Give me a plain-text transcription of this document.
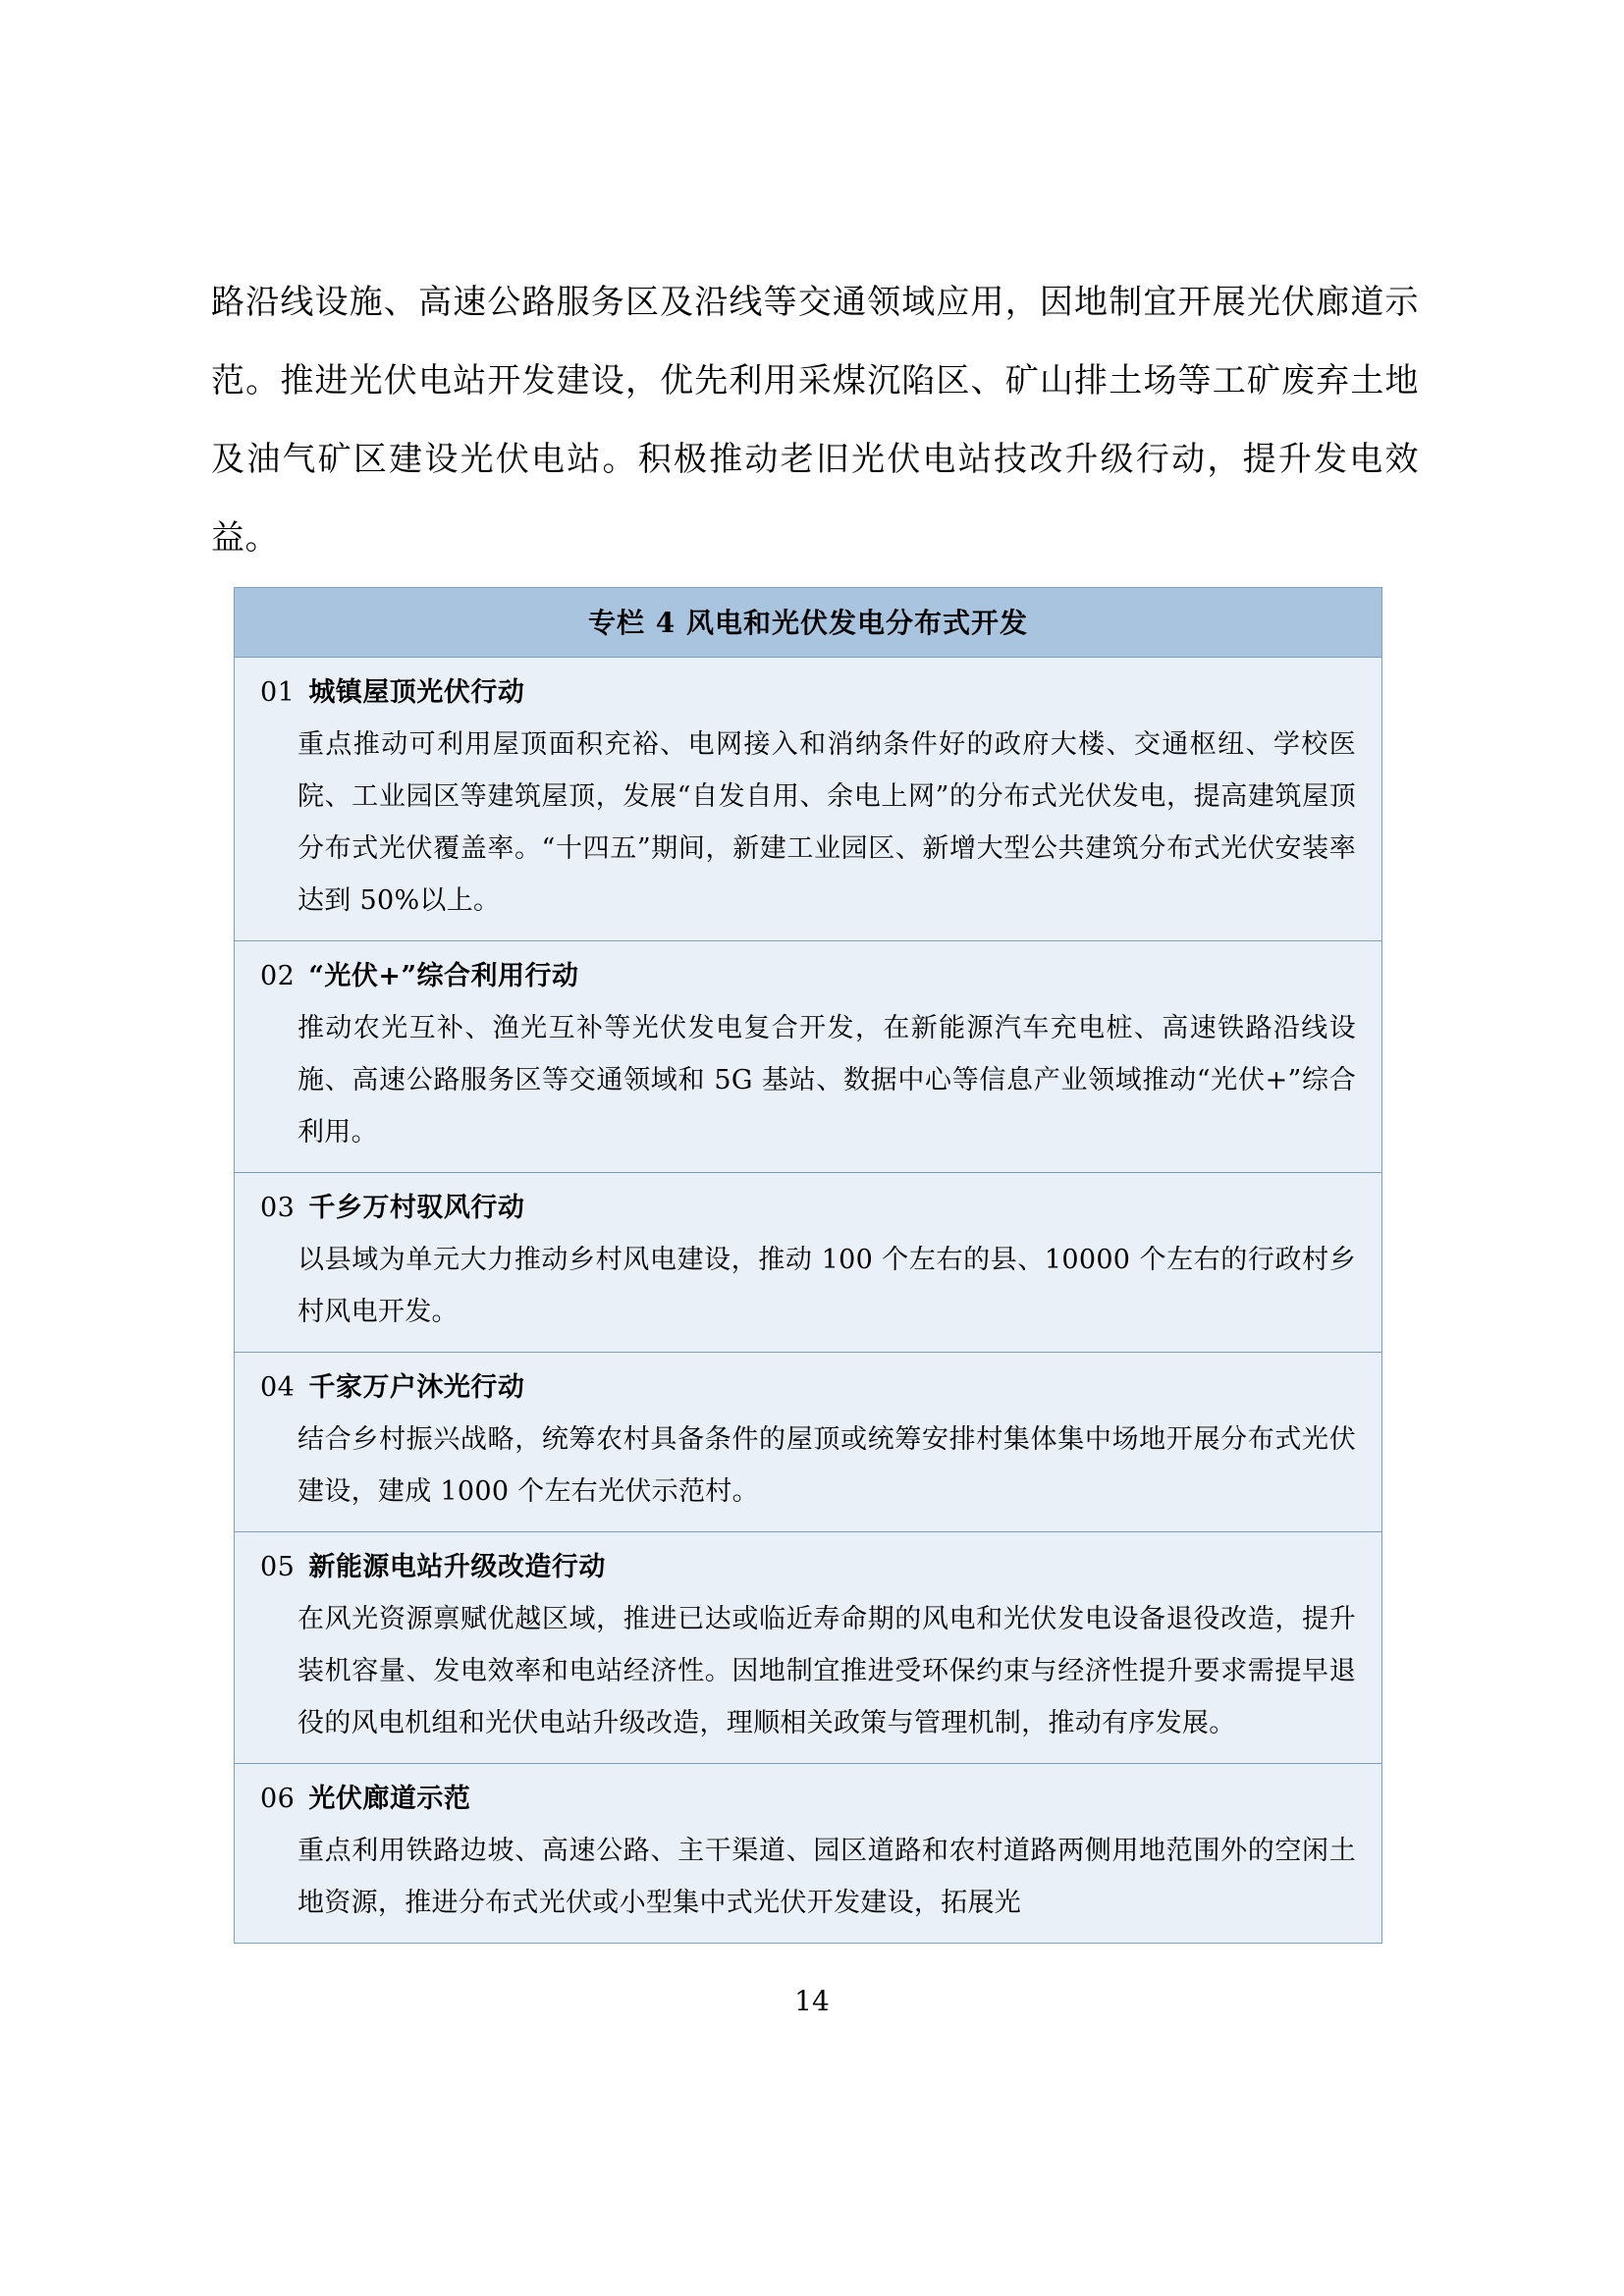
路沿线设施、高速公路服务区及沿线等交通领域应用，因地制宜开展光伏廊道示范。推进光伏电站开发建设，优先利用采煤沉陷区、矿山排土场等工矿废弃土地及油气矿区建设光伏电站。积极推动老旧光伏电站技改升级行动，提升发电效益。

专栏 4 风电和光伏发电分布式开发

01 城镇屋顶光伏行动
重点推动可利用屋顶面积充裕、电网接入和消纳条件好的政府大楼、交通枢纽、学校医院、工业园区等建筑屋顶，发展“自发自用、余电上网”的分布式光伏发电，提高建筑屋顶分布式光伏覆盖率。“十四五”期间，新建工业园区、新增大型公共建筑分布式光伏安装率达到 50%以上。

02 “光伏+”综合利用行动
推动农光互补、渔光互补等光伏发电复合开发，在新能源汽车充电桩、高速铁路沿线设施、高速公路服务区等交通领域和 5G 基站、数据中心等信息产业领域推动“光伏+”综合利用。

03 千乡万村驭风行动
以县域为单元大力推动乡村风电建设，推动 100 个左右的县、10000 个左右的行政村乡村风电开发。

04 千家万户沐光行动
结合乡村振兴战略，统筹农村具备条件的屋顶或统筹安排村集体集中场地开展分布式光伏建设，建成 1000 个左右光伏示范村。

05 新能源电站升级改造行动
在风光资源禀赋优越区域，推进已达或临近寿命期的风电和光伏发电设备退役改造，提升装机容量、发电效率和电站经济性。因地制宜推进受环保约束与经济性提升要求需提早退役的风电机组和光伏电站升级改造，理顺相关政策与管理机制，推动有序发展。

06 光伏廊道示范
重点利用铁路边坡、高速公路、主干渠道、园区道路和农村道路两侧用地范围外的空闲土地资源，推进分布式光伏或小型集中式光伏开发建设，拓展光
14
